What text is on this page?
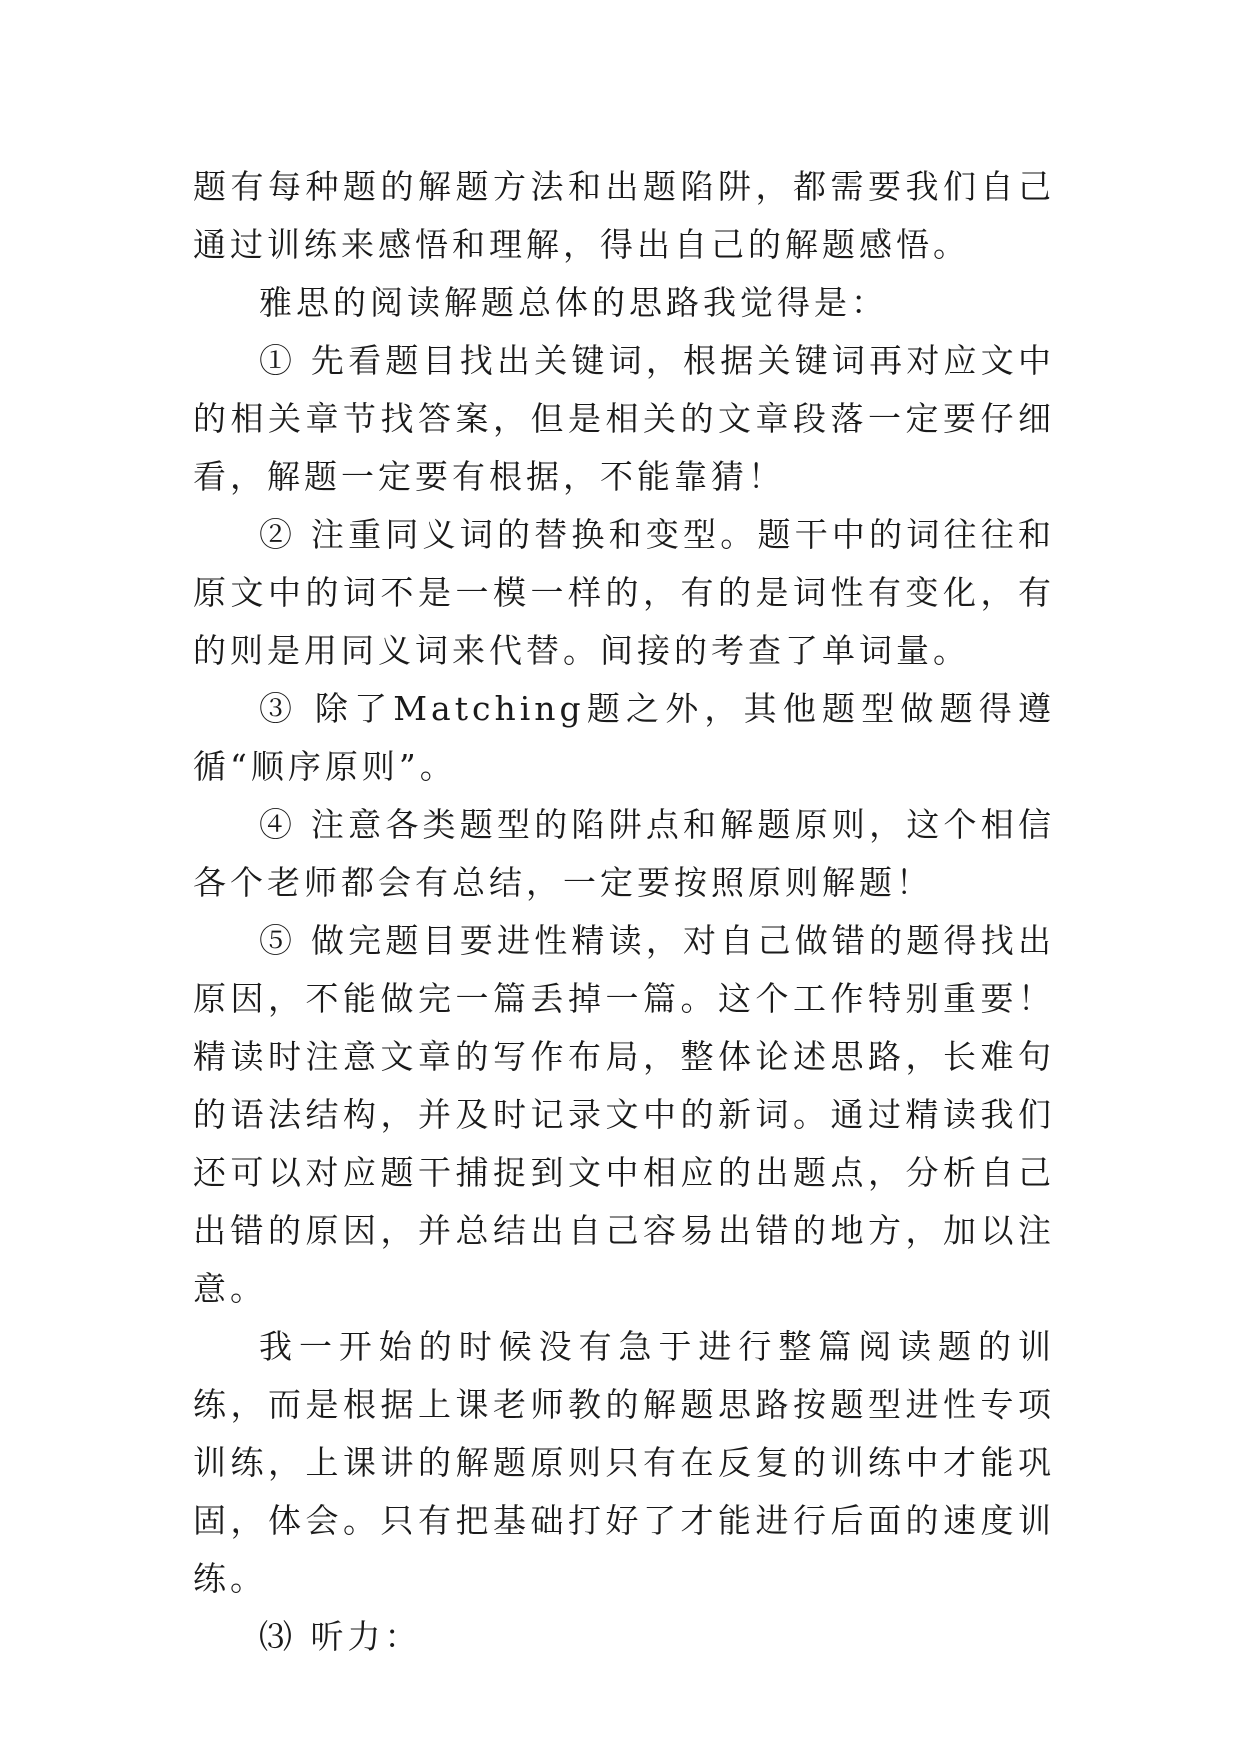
题有每种题的解题方法和出题陷阱，都需要我们自己通过训练来感悟和理解，得出自己的解题感悟。

雅思的阅读解题总体的思路我觉得是：

① 先看题目找出关键词，根据关键词再对应文中的相关章节找答案，但是相关的文章段落一定要仔细看，解题一定要有根据，不能靠猜！

② 注重同义词的替换和变型。题干中的词往往和原文中的词不是一模一样的，有的是词性有变化，有的则是用同义词来代替。间接的考查了单词量。

③ 除了Matching题之外，其他题型做题得遵循“顺序原则”。

④ 注意各类题型的陷阱点和解题原则，这个相信各个老师都会有总结，一定要按照原则解题！

⑤ 做完题目要进性精读，对自己做错的题得找出原因，不能做完一篇丢掉一篇。这个工作特别重要！精读时注意文章的写作布局，整体论述思路，长难句的语法结构，并及时记录文中的新词。通过精读我们还可以对应题干捕捉到文中相应的出题点，分析自己出错的原因，并总结出自己容易出错的地方，加以注意。

我一开始的时候没有急于进行整篇阅读题的训练，而是根据上课老师教的解题思路按题型进性专项训练，上课讲的解题原则只有在反复的训练中才能巩固，体会。只有把基础打好了才能进行后面的速度训练。

⑶ 听力：
